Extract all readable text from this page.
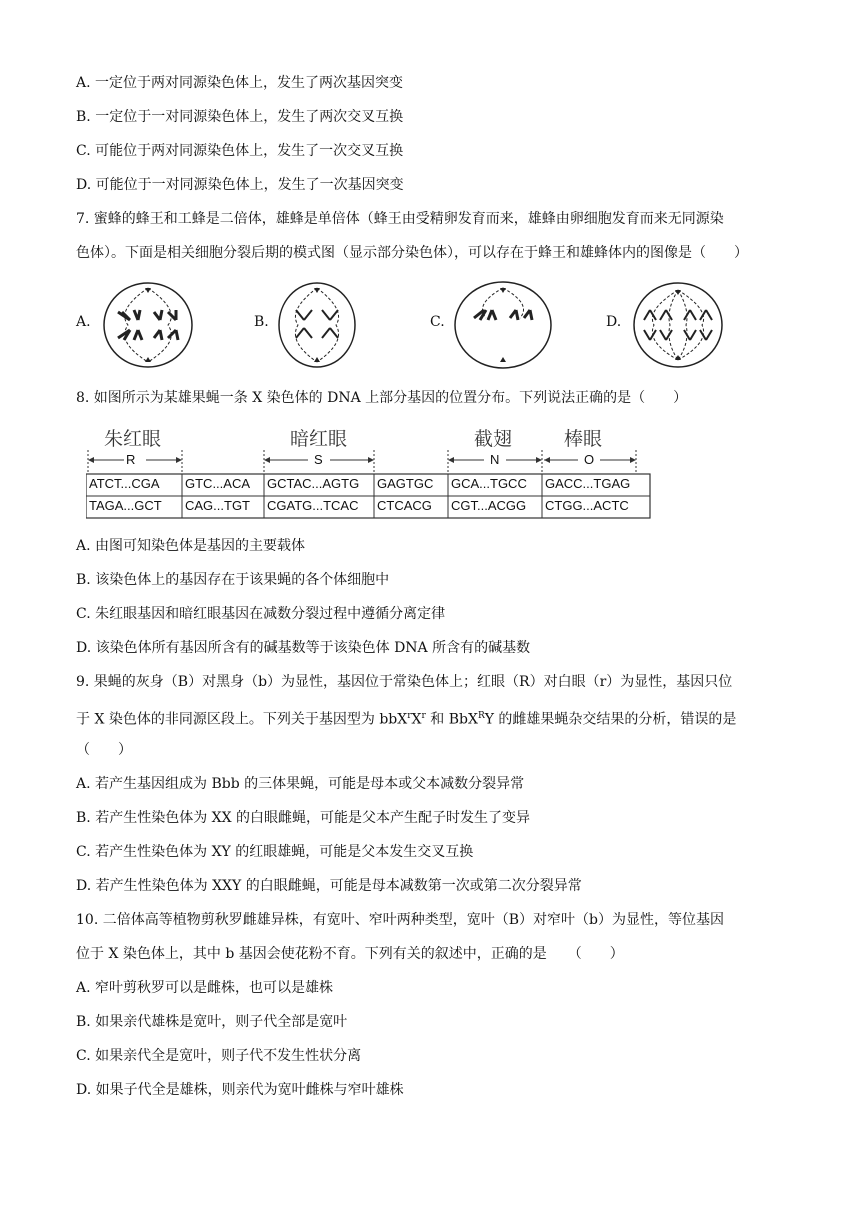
A. 一定位于两对同源染色体上，发生了两次基因突变
B. 一定位于一对同源染色体上，发生了两次交叉互换
C. 可能位于两对同源染色体上，发生了一次交叉互换
D. 可能位于一对同源染色体上，发生了一次基因突变
7. 蜜蜂的蜂王和工蜂是二倍体，雄蜂是单倍体（蜂王由受精卵发育而来，雄蜂由卵细胞发育而来无同源染
色体）。下面是相关细胞分裂后期的模式图（显示部分染色体），可以存在于蜂王和雄蜂体内的图像是（　　）
A.	B.	C.	D.
8. 如图所示为某雄果蝇一条 X 染色体的 DNA 上部分基因的位置分布。下列说法正确的是（　　）
朱红眼	暗红眼	截翅	棒眼
R	S	N	O
ATCT...CGA	GTC...ACA	GCTAC...AGTG	GAGTGC	GCA...TGCC	GACC...TGAG
TAGA...GCT	CAG...TGT	CGATG...TCAC	CTCACG	CGT...ACGG	CTGG...ACTC
A. 由图可知染色体是基因的主要载体
B. 该染色体上的基因存在于该果蝇的各个体细胞中
C. 朱红眼基因和暗红眼基因在减数分裂过程中遵循分离定律
D. 该染色体所有基因所含有的碱基数等于该染色体 DNA 所含有的碱基数
9. 果蝇的灰身（B）对黑身（b）为显性，基因位于常染色体上；红眼（R）对白眼（r）为显性，基因只位
于 X 染色体的非同源区段上。下列关于基因型为 $bbX^rX^r$ 和 BbX$^R$Y 的雌雄果蝇杂交结果的分析，错误的是
（　　）
A. 若产生基因组成为 Bbb 的三体果蝇，可能是母本或父本减数分裂异常
B. 若产生性染色体为 XX 的白眼雌蝇，可能是父本产生配子时发生了变异
C. 若产生性染色体为 XY 的红眼雄蝇，可能是父本发生交叉互换
D. 若产生性染色体为 XXY 的白眼雌蝇，可能是母本减数第一次或第二次分裂异常
10. 二倍体高等植物剪秋罗雌雄异株，有宽叶、窄叶两种类型，宽叶（B）对窄叶（b）为显性，等位基因
位于 X 染色体上，其中 b 基因会使花粉不育。下列有关的叙述中，正确的是　　（　　）
A. 窄叶剪秋罗可以是雌株，也可以是雄株
B. 如果亲代雄株是宽叶，则子代全部是宽叶
C. 如果亲代全是宽叶，则子代不发生性状分离
D. 如果子代全是雄株，则亲代为宽叶雌株与窄叶雄株
